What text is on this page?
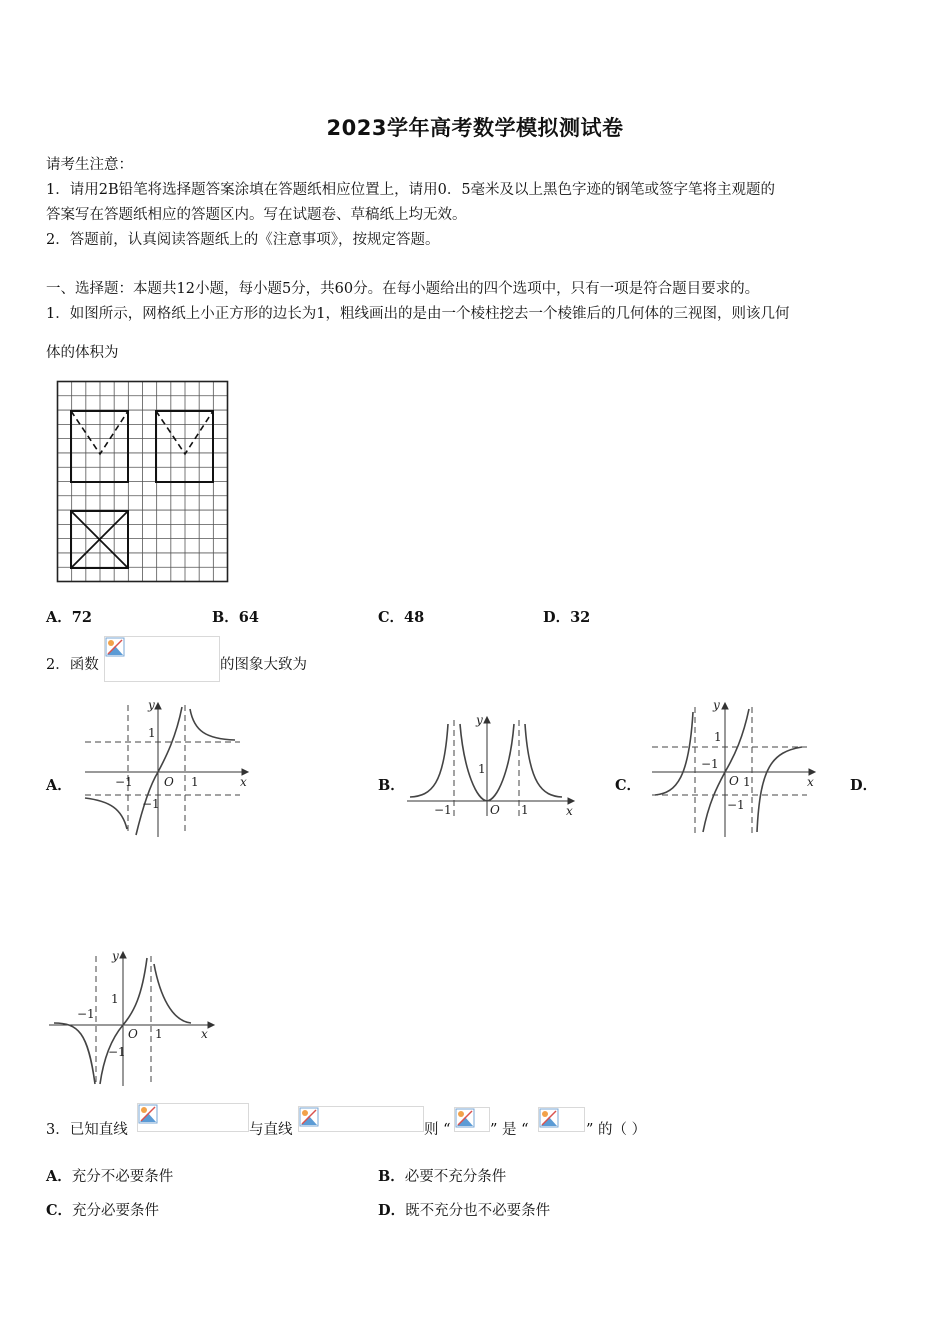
2023学年高考数学模拟测试卷
请考生注意：
1．请用2B铅笔将选择题答案涂填在答题纸相应位置上，请用0．5毫米及以上黑色字迹的钢笔或签字笔将主观题的
答案写在答题纸相应的答题区内。写在试题卷、草稿纸上均无效。
2．答题前，认真阅读答题纸上的《注意事项》，按规定答题。
一、选择题：本题共12小题，每小题5分，共60分。在每小题给出的四个选项中，只有一项是符合题目要求的。
1．如图所示，网格纸上小正方形的边长为1，粗线画出的是由一个棱柱挖去一个棱锥后的几何体的三视图，则该几何
体的体积为
A．72	B．64	C．48	D．32
2．函数	的图象大致为
A．	B．	C．	D．
y
x
O 1
−1
1
−1
y
x
O 1
−1
1
y
x
O 1
−1
1
−1
y
x
O 1
−1
1
−1
3．已知直线	与直线	则 “	” 是 “	” 的（ ）
A．充分不必要条件	B．必要不充分条件
C．充分必要条件	D．既不充分也不必要条件
